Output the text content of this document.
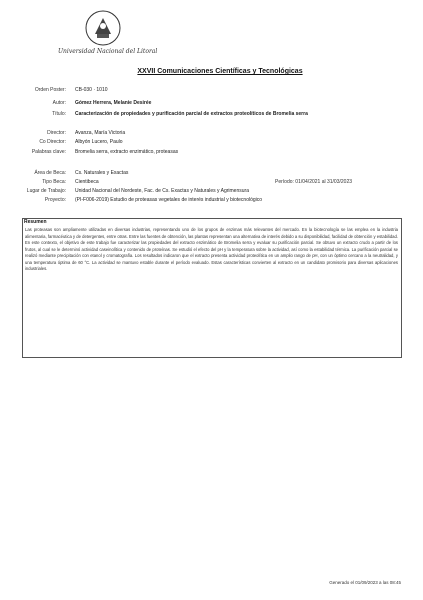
Universidad Nacional del Litoral
XXVII Comunicaciones Científicas y Tecnológicas
Orden Poster: CB-030 · 1010
Autor: Gómez Herrera, Melanie Desirée
Título: Caracterización de propiedades y purificación parcial de extractos proteolíticos de Bromelia serra
Director: Avanza, María Victoria
Co Director: Albyón Lucero, Paulo
Palabras clave: Bromelia serra, extracto enzimático, proteasas
Área de Beca: Cs. Naturales y Exactas
Tipo Beca: Cientibeca	Período: 01/04/2021 al 31/03/2023
Lugar de Trabajo: Unidad Nacional del Nordeste, Fac. de Cs. Exactas y Naturales y Agrimensura
Proyecto: (PI-F006-2019) Estudio de proteasas vegetales de interés industrial y biotecnológico
Resumen
Las proteasas son ampliamente utilizadas en diversas industrias, representando uno de los grupos de enzimas más relevantes del mercado. En la biotecnología se las emplea en la industria alimentaria, farmacéutica y de detergentes, entre otras. Entre las fuentes de obtención, las plantas representan una alternativa de interés debido a su disponibilidad, facilidad de obtención y estabilidad. En este contexto, el objetivo de este trabajo fue caracterizar las propiedades del extracto enzimático de Bromelia serra y evaluar su purificación parcial. Se obtuvo un extracto crudo a partir de los frutos, al cual se le determinó actividad caseinolítica y contenido de proteínas. Se estudió el efecto del pH y la temperatura sobre la actividad, así como la estabilidad térmica. La purificación parcial se realizó mediante precipitación con etanol y cromatografía. Los resultados indicaron que el extracto presenta actividad proteolítica en un amplio rango de pH, con un óptimo cercano a la neutralidad, y una temperatura óptima de 60 °C. La actividad se mantuvo estable durante el período evaluado. Estas características convierten al extracto en un candidato promisorio para diversas aplicaciones industriales.
Generado el 01/09/2023 a las 08:45
